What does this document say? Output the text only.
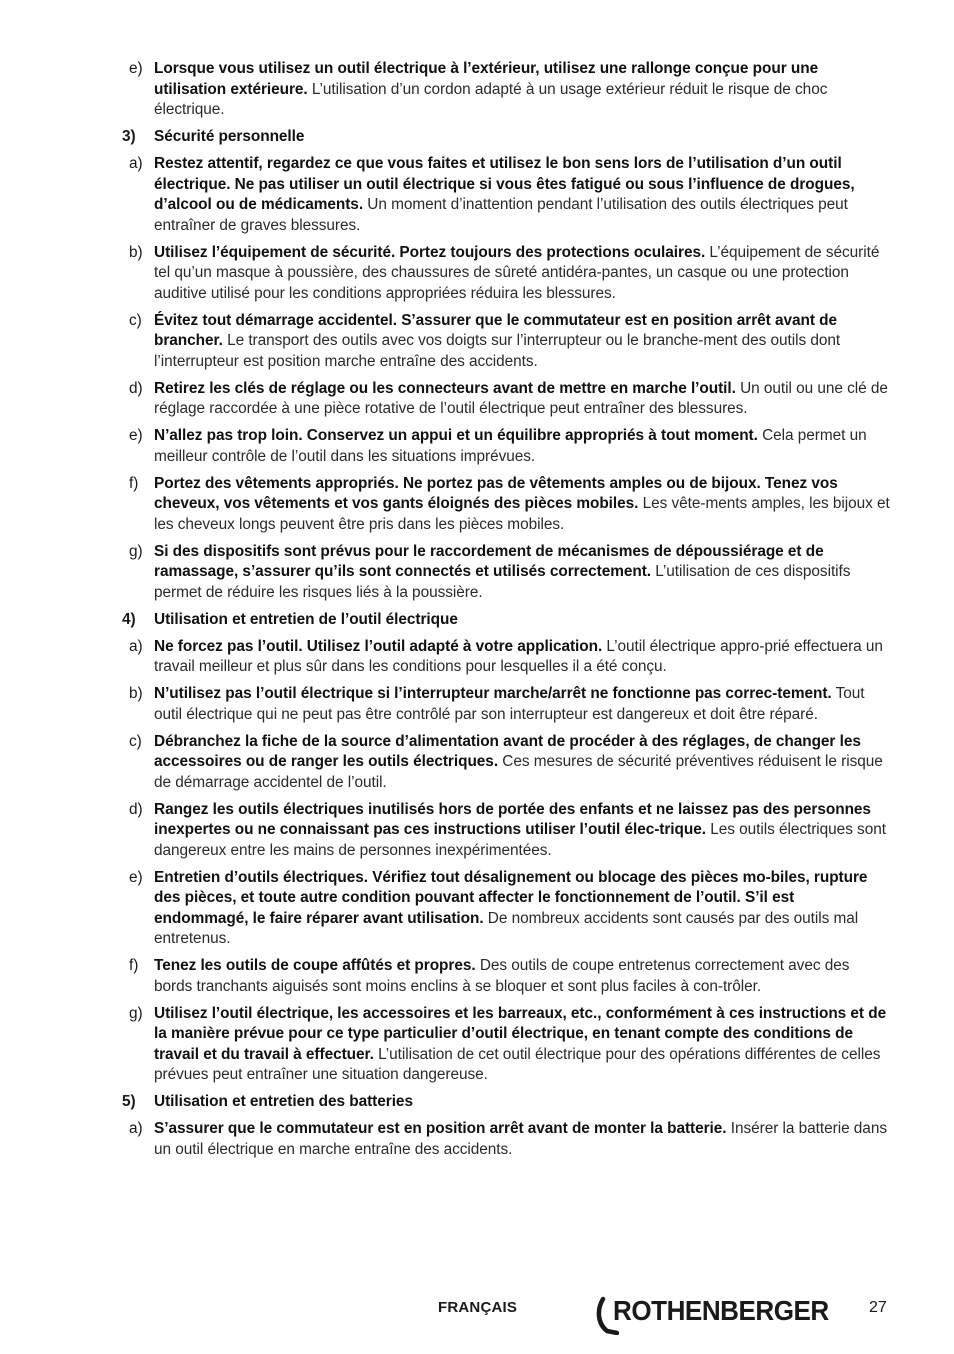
e) Lorsque vous utilisez un outil électrique à l’extérieur, utilisez une rallonge conçue pour une utilisation extérieure. L’utilisation d’un cordon adapté à un usage extérieur réduit le risque de choc électrique.
3) Sécurité personnelle
a) Restez attentif, regardez ce que vous faites et utilisez le bon sens lors de l’utilisation d’un outil électrique. Ne pas utiliser un outil électrique si vous êtes fatigué ou sous l’influence de drogues, d’alcool ou de médicaments. Un moment d’inattention pendant l’utilisation des outils électriques peut entraîner de graves blessures.
b) Utilisez l’équipement de sécurité. Portez toujours des protections oculaires. L’équipement de sécurité tel qu’un masque à poussière, des chaussures de sûreté antidéra-pantes, un casque ou une protection auditive utilisé pour les conditions appropriées réduira les blessures.
c) Évitez tout démarrage accidentel. S’assurer que le commutateur est en position arrêt avant de brancher. Le transport des outils avec vos doigts sur l’interrupteur ou le branche-ment des outils dont l’interrupteur est position marche entraîne des accidents.
d) Retirez les clés de réglage ou les connecteurs avant de mettre en marche l’outil. Un outil ou une clé de réglage raccordée à une pièce rotative de l’outil électrique peut entraîner des blessures.
e) N’allez pas trop loin. Conservez un appui et un équilibre appropriés à tout moment. Cela permet un meilleur contrôle de l’outil dans les situations imprévues.
f) Portez des vêtements appropriés. Ne portez pas de vêtements amples ou de bijoux. Tenez vos cheveux, vos vêtements et vos gants éloignés des pièces mobiles. Les vête-ments amples, les bijoux et les cheveux longs peuvent être pris dans les pièces mobiles.
g) Si des dispositifs sont prévus pour le raccordement de mécanismes de dépoussiérage et de ramassage, s’assurer qu’ils sont connectés et utilisés correctement. L’utilisation de ces dispositifs permet de réduire les risques liés à la poussière.
4) Utilisation et entretien de l’outil électrique
a) Ne forcez pas l’outil. Utilisez l’outil adapté à votre application. L’outil électrique appro-prié effectuera un travail meilleur et plus sûr dans les conditions pour lesquelles il a été conçu.
b) N’utilisez pas l’outil électrique si l’interrupteur marche/arrêt ne fonctionne pas correc-tement. Tout outil électrique qui ne peut pas être contrôlé par son interrupteur est dangereux et doit être réparé.
c) Débranchez la fiche de la source d’alimentation avant de procéder à des réglages, de changer les accessoires ou de ranger les outils électriques. Ces mesures de sécurité préventives réduisent le risque de démarrage accidentel de l’outil.
d) Rangez les outils électriques inutilisés hors de portée des enfants et ne laissez pas des personnes inexpertes ou ne connaissant pas ces instructions utiliser l’outil élec-trique. Les outils électriques sont dangereux entre les mains de personnes inexpérimentées.
e) Entretien d’outils électriques. Vérifiez tout désalignement ou blocage des pièces mo-biles, rupture des pièces, et toute autre condition pouvant affecter le fonctionnement de l’outil. S’il est endommagé, le faire réparer avant utilisation. De nombreux accidents sont causés par des outils mal entretenus.
f) Tenez les outils de coupe affûtés et propres. Des outils de coupe entretenus correctement avec des bords tranchants aiguisés sont moins enclins à se bloquer et sont plus faciles à con-trôler.
g) Utilisez l’outil électrique, les accessoires et les barreaux, etc., conformément à ces instructions et de la manière prévue pour ce type particulier d’outil électrique, en tenant compte des conditions de travail et du travail à effectuer. L’utilisation de cet outil électrique pour des opérations différentes de celles prévues peut entraîner une situation dangereuse.
5) Utilisation et entretien des batteries
a) S’assurer que le commutateur est en position arrêt avant de monter la batterie. Insérer la batterie dans un outil électrique en marche entraîne des accidents.
FRANÇAIS	ROTHENBERGER	27
